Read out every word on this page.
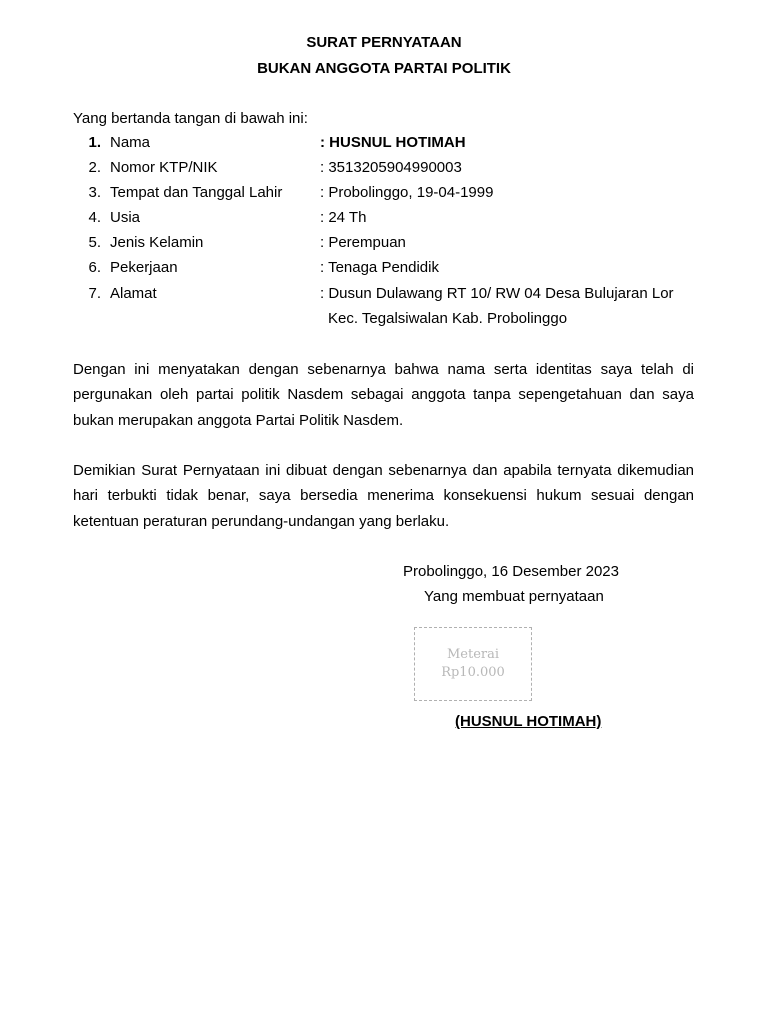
SURAT PERNYATAAN
BUKAN ANGGOTA PARTAI POLITIK
Yang bertanda tangan di bawah ini:
1. Nama	: HUSNUL HOTIMAH
2. Nomor KTP/NIK	: 3513205904990003
3. Tempat dan Tanggal Lahir	: Probolinggo, 19-04-1999
4. Usia	: 24 Th
5. Jenis Kelamin	: Perempuan
6. Pekerjaan	: Tenaga Pendidik
7. Alamat	: Dusun Dulawang RT 10/ RW 04 Desa Bulujaran Lor
Kec. Tegalsiwalan Kab. Probolinggo

Dengan ini menyatakan dengan sebenarnya bahwa nama serta identitas saya telah di pergunakan oleh partai politik Nasdem sebagai anggota tanpa sepengetahuan dan saya bukan merupakan anggota Partai Politik Nasdem.

Demikian Surat Pernyataan ini dibuat dengan sebenarnya dan apabila ternyata dikemudian hari terbukti tidak benar, saya bersedia menerima konsekuensi hukum sesuai dengan ketentuan peraturan perundang-undangan yang berlaku.

Probolinggo, 16 Desember 2023
Yang membuat pernyataan
Meterai
Rp10.000
(HUSNUL HOTIMAH)
